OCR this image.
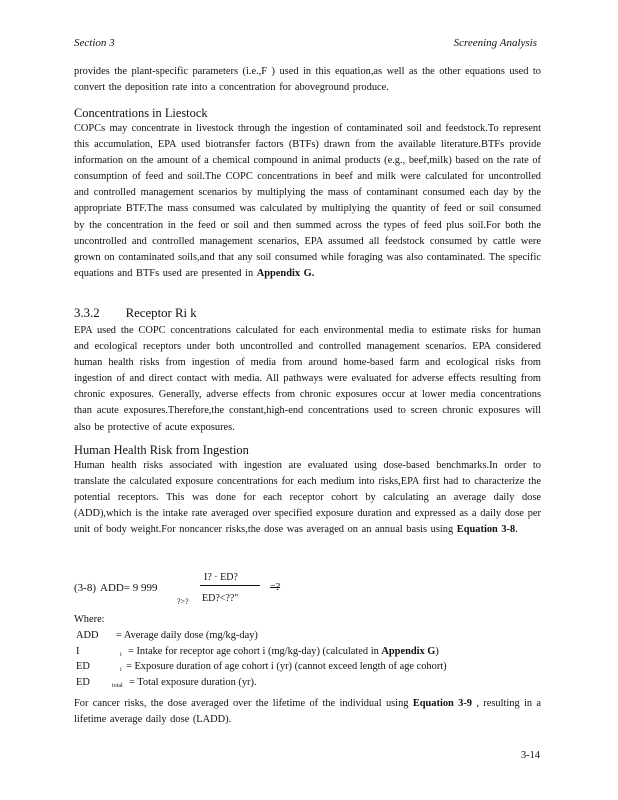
Section 3	Screening Analysis
provides the plant-specific parameters (i.e.,F ) used in this equation,as well as the other equations used to convert the deposition rate into a concentration for aboveground produce.
Concentrations in Liestock
COPCs may concentrate in livestock through the ingestion of contaminated soil and feedstock.To represent this accumulation, EPA used biotransfer factors (BTFs) drawn from the available literature.BTFs provide information on the amount of a chemical compound in animal products (e.g., beef,milk) based on the rate of consumption of feed and soil.The COPC concentrations in beef and milk were calculated for uncontrolled and controlled management scenarios by multiplying the mass of contaminant consumed each day by the appropriate BTF.The mass consumed was calculated by multiplying the quantity of feed or soil consumed by the concentration in the feed or soil and then summed across the types of feed plus soil.For both the uncontrolled and controlled management scenarios, EPA assumed all feedstock consumed by cattle were grown on contaminated soils,and that any soil consumed while foraging was also contaminated. The specific equations and BTFs used are presented in Appendix G.
3.3.2 Receptor Ri k
EPA used the COPC concentrations calculated for each environmental media to estimate risks for human and ecological receptors under both uncontrolled and controlled management scenarios. EPA considered human health risks from ingestion of media from around home-based farm and ecological risks from ingestion of and direct contact with media. All pathways were evaluated for adverse effects resulting from chronic exposures. Generally, adverse effects from chronic exposures occur at lower media concentrations than acute exposures.Therefore,the constant,high-end concentrations used to screen chronic exposures will also be protective of acute exposures.
Human Health Risk from Ingestion
Human health risks associated with ingestion are evaluated using dose-based benchmarks.In order to translate the calculated exposure concentrations for each medium into risks,EPA first had to characterize the potential receptors. This was done for each receptor cohort by calculating an average daily dose (ADD),which is the intake rate averaged over specified exposure duration and expressed as a daily dose per unit of body weight.For noncancer risks,the dose was averaged on an annual basis using Equation 3-8.
(3-8) ADD= 9 999
?>?
I? · ED?
ED?<??"
=?
Where:
ADD = Average daily dose (mg/kg-day)
I	i = Intake for receptor age cohort i (mg/kg-day) (calculated in Appendix G)
ED	i = Exposure duration of age cohort i (yr) (cannot exceed length of age cohort)
ED	total = Total exposure duration (yr).
For cancer risks, the dose averaged over the lifetime of the individual using Equation 3-9 , resulting in a lifetime average daily dose (LADD).
3-14
